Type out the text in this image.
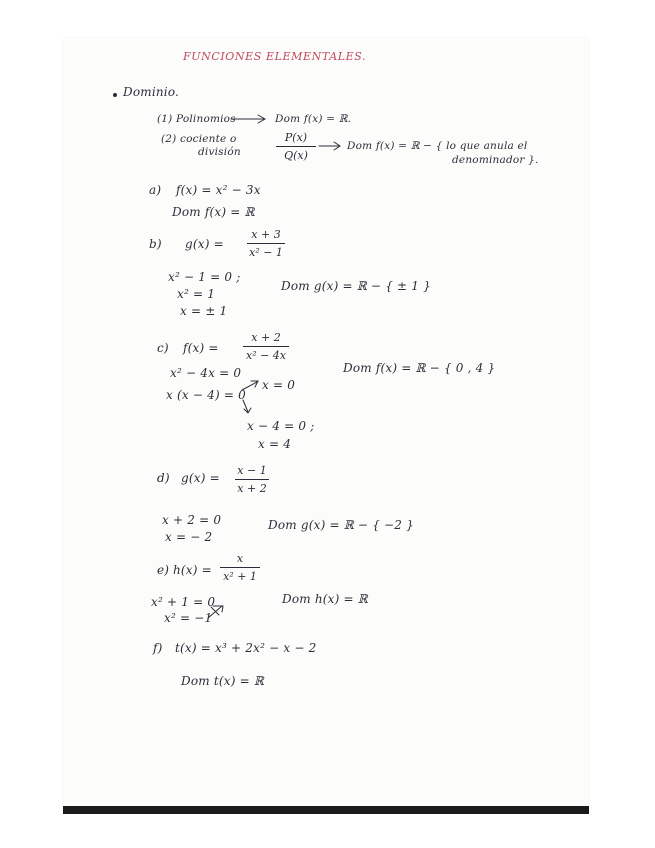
FUNCIONES ELEMENTALES.
Dominio.
(1) Polinomios	Dom f(x) = ℝ.
(2) cociente o
división
P(x)
Q(x)
Dom f(x) = ℝ − { lo que anula el
denominador }.
a) f(x) = x² − 3x
Dom f(x) = ℝ
b) g(x) =
x + 3
x² − 1
x² − 1 = 0 ;
x² = 1
x = ± 1
Dom g(x) = ℝ − { ± 1 }
c) f(x) =
x + 2
x² − 4x
x² − 4x = 0
x (x − 4) = 0
x = 0
x − 4 = 0 ;
x = 4
Dom f(x) = ℝ − { 0 , 4 }
d) g(x) =
x − 1
x + 2
x + 2 = 0
x = − 2
Dom g(x) = ℝ − { −2 }
e) h(x) =
x
x² + 1
x² + 1 = 0
x² = −1
Dom h(x) = ℝ
f) t(x) = x³ + 2x² − x − 2
Dom t(x) = ℝ
